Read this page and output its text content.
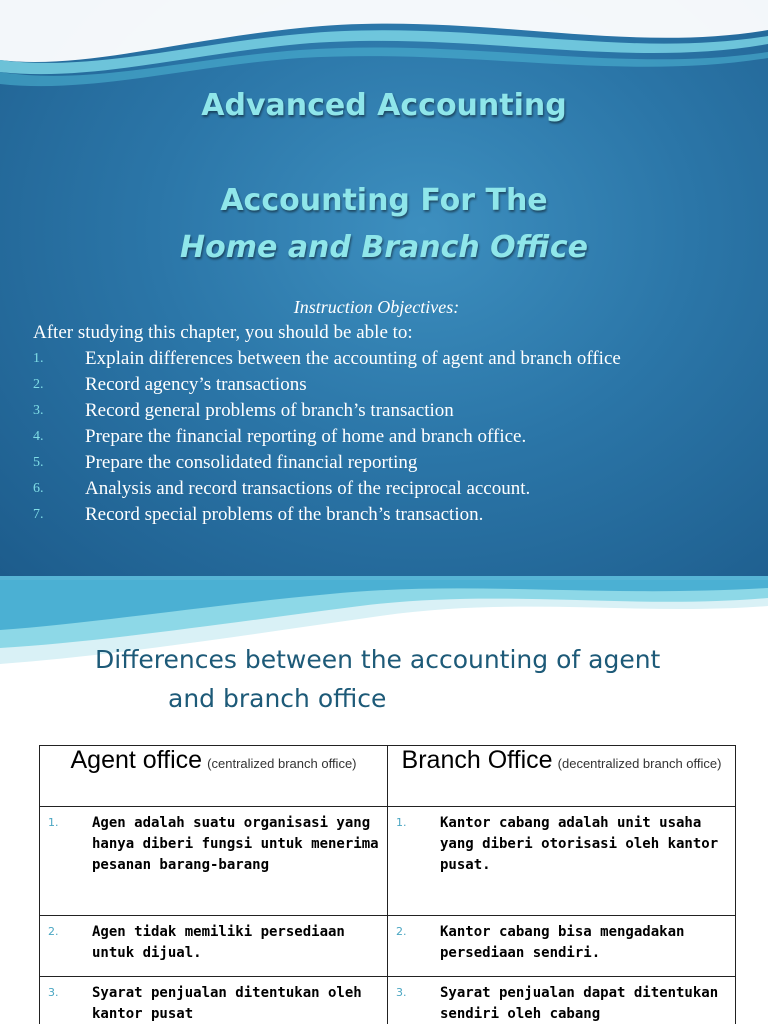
Advanced Accounting
Accounting For The
Home and Branch Office
Instruction Objectives:
After studying this chapter, you should be able to:
1.	Explain differences between the accounting of agent and branch office
2.	Record agency’s transactions
3.	Record general problems of branch’s transaction
4.	Prepare the financial reporting of home and branch office.
5.	Prepare the consolidated financial reporting
6.	Analysis and record transactions of the reciprocal account.
7.	Record special problems of the branch’s transaction.
Differences between the accounting of agent
and branch office
Agent office (centralized branch office)	Branch Office (decentralized branch office)

1. Agen adalah suatu organisasi yang hanya diberi fungsi untuk menerima pesanan barang-barang	1. Kantor cabang adalah unit usaha yang diberi otorisasi oleh kantor pusat.

2. Agen tidak memiliki persediaan untuk dijual.	2. Kantor cabang bisa mengadakan persediaan sendiri.

3. Syarat penjualan ditentukan oleh kantor pusat	3. Syarat penjualan dapat ditentukan sendiri oleh cabang
